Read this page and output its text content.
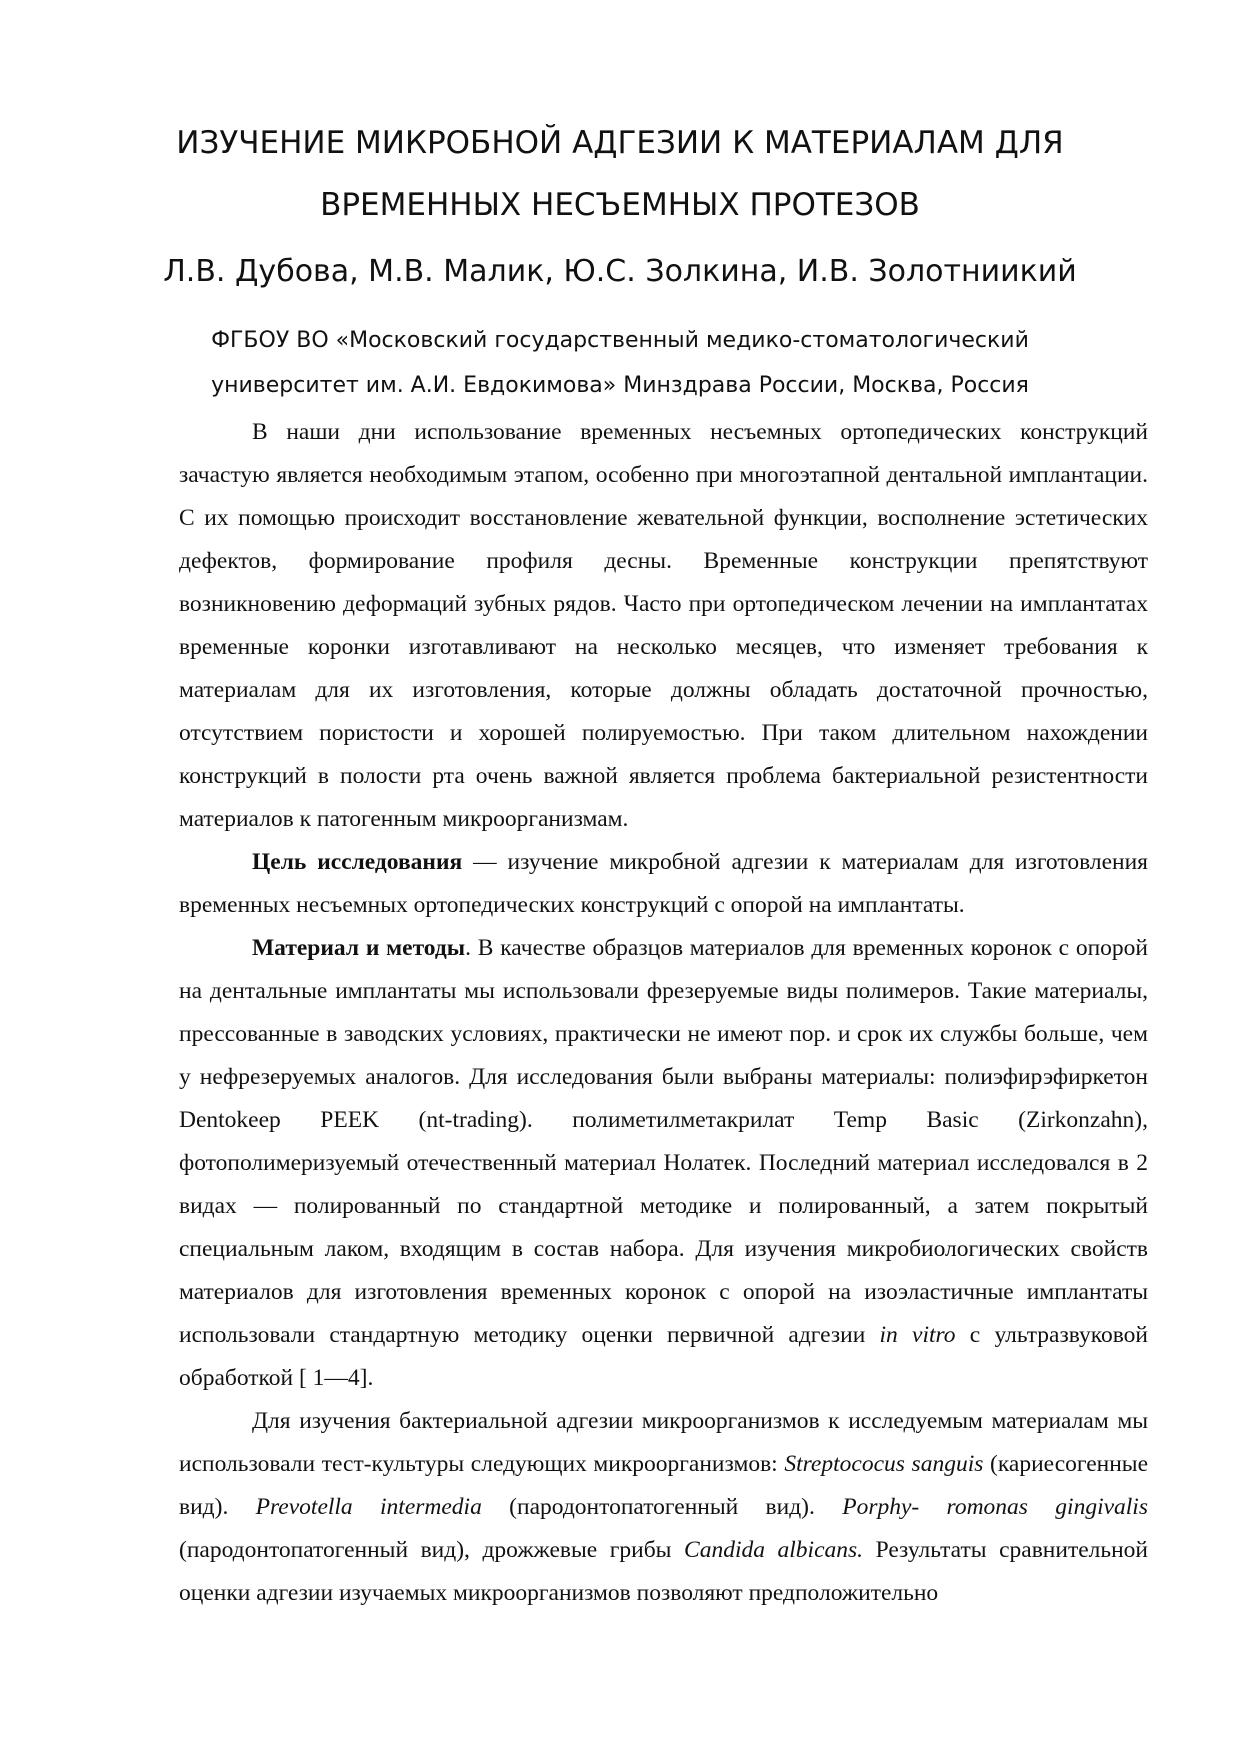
ИЗУЧЕНИЕ МИКРОБНОЙ АДГЕЗИИ К МАТЕРИАЛАМ ДЛЯ
ВРЕМЕННЫХ НЕСЪЕМНЫХ ПРОТЕЗОВ
Л.В. Дубова, М.В. Малик, Ю.С. Золкина, И.В. Золотниикий
ФГБОУ ВО «Московский государственный медико-стоматологический
университет им. А.И. Евдокимова» Минздрава России, Москва, Россия

В наши дни использование временных несъемных ортопедических конструкций зачастую является необходимым этапом, особенно при многоэтапной дентальной имплантации. С их помощью происходит восстановление жевательной функции, восполнение эстетических дефектов, формирование профиля десны. Временные конструкции препятствуют возникновению деформаций зубных рядов. Часто при ортопедическом лечении на имплантатах временные коронки изготавливают на несколько месяцев, что изменяет требования к материалам для их изготовления, которые должны обладать достаточной прочностью, отсутствием пористости и хорошей полируемостью. При таком длительном нахождении конструкций в полости рта очень важной является проблема бактериальной резистентности материалов к патогенным микроорганизмам.

Цель исследования — изучение микробной адгезии к материалам для изготовления временных несъемных ортопедических конструкций с опорой на имплантаты.

Материал и методы. В качестве образцов материалов для временных коронок с опорой на дентальные имплантаты мы использовали фрезеруемые виды полимеров. Такие материалы, прессованные в заводских условиях, практически не имеют пор. и срок их службы больше, чем у нефрезеруемых аналогов. Для исследования были выбраны материалы: полиэфирэфиркетон Dentokeep PEEK (nt-trading). полиметилметакрилат Temp Basic (Zirkonzahn), фотополимеризуемый отечественный материал Нолатек. Последний материал исследовался в 2 видах — полированный по стандартной методике и полированный, а затем покрытый специальным лаком, входящим в состав набора. Для изучения микробиологических свойств материалов для изготовления временных коронок с опорой на изоэластичные имплантаты использовали стандартную методику оценки первичной адгезии in vitro с ультразвуковой обработкой [ 1—4].

Для изучения бактериальной адгезии микроорганизмов к исследуемым материалам мы использовали тест-культуры следующих микроорганизмов: Streptococus sanguis (кариесогенные вид). Prevotella intermedia (пародонтопатогенный вид). Porphy- romonas gingivalis (пародонтопатогенный вид), дрожжевые грибы Candida albicans. Результаты сравнительной оценки адгезии изучаемых микроорганизмов позволяют предположительно
